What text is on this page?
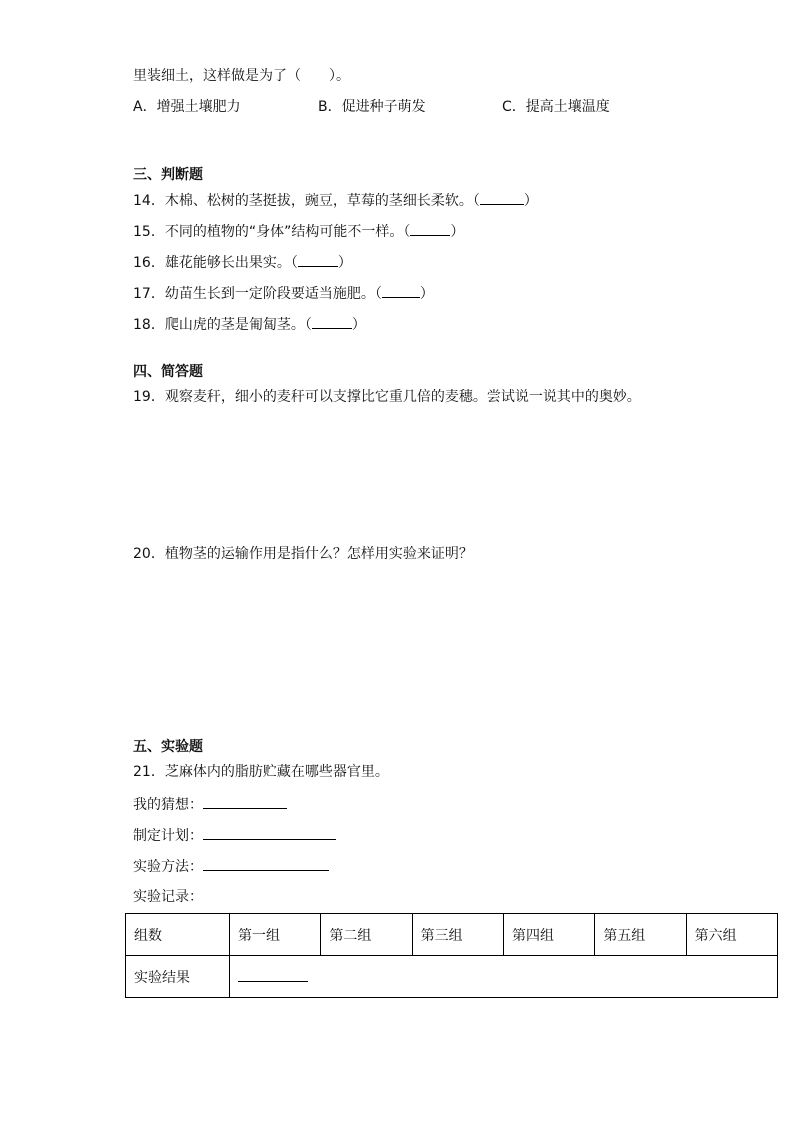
里装细土，这样做是为了（　　）。
A．增强土壤肥力	B．促进种子萌发	C．提高土壤温度
三、判断题
14．木棉、松树的茎挺拔，豌豆，草莓的茎细长柔软。（	）
15．不同的植物的“身体”结构可能不一样。（	）
16．雄花能够长出果实。（	）
17．幼苗生长到一定阶段要适当施肥。（	）
18．爬山虎的茎是匍匐茎。（	）
四、简答题
19．观察麦秆，细小的麦秆可以支撑比它重几倍的麦穗。尝试说一说其中的奥妙。
20．植物茎的运输作用是指什么？怎样用实验来证明？
五、实验题
21．芝麻体内的脂肪贮藏在哪些器官里。
我的猜想：
制定计划：
实验方法：
实验记录：
组数	第一组	第二组	第三组	第四组	第五组	第六组
实验结果						
